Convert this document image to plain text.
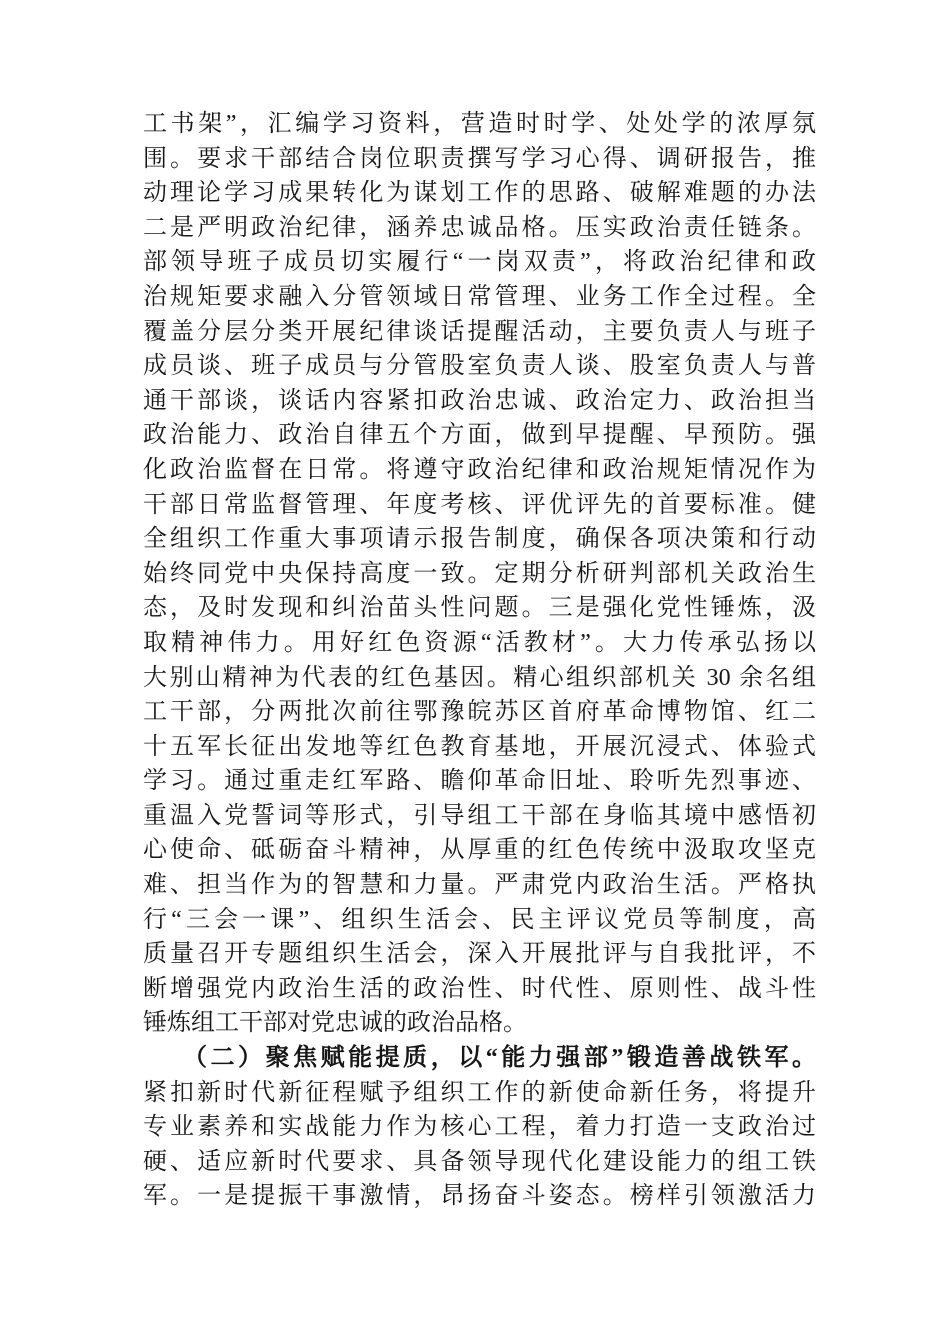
工书架”，汇编学习资料，营造时时学、处处学的浓厚氛
围。要求干部结合岗位职责撰写学习心得、调研报告，推
动理论学习成果转化为谋划工作的思路、破解难题的办法
二是严明政治纪律，涵养忠诚品格。压实政治责任链条。
部领导班子成员切实履行“一岗双责”，将政治纪律和政
治规矩要求融入分管领域日常管理、业务工作全过程。全
覆盖分层分类开展纪律谈话提醒活动，主要负责人与班子
成员谈、班子成员与分管股室负责人谈、股室负责人与普
通干部谈，谈话内容紧扣政治忠诚、政治定力、政治担当
政治能力、政治自律五个方面，做到早提醒、早预防。强
化政治监督在日常。将遵守政治纪律和政治规矩情况作为
干部日常监督管理、年度考核、评优评先的首要标准。健
全组织工作重大事项请示报告制度，确保各项决策和行动
始终同党中央保持高度一致。定期分析研判部机关政治生
态，及时发现和纠治苗头性问题。三是强化党性锤炼，汲
取精神伟力。用好红色资源“活教材”。大力传承弘扬以
大别山精神为代表的红色基因。精心组织部机关 30 余名组
工干部，分两批次前往鄂豫皖苏区首府革命博物馆、红二
十五军长征出发地等红色教育基地，开展沉浸式、体验式
学习。通过重走红军路、瞻仰革命旧址、聆听先烈事迹、
重温入党誓词等形式，引导组工干部在身临其境中感悟初
心使命、砥砺奋斗精神，从厚重的红色传统中汲取攻坚克
难、担当作为的智慧和力量。严肃党内政治生活。严格执
行“三会一课”、组织生活会、民主评议党员等制度，高
质量召开专题组织生活会，深入开展批评与自我批评，不
断增强党内政治生活的政治性、时代性、原则性、战斗性
锤炼组工干部对党忠诚的政治品格。
（二）聚焦赋能提质，以“能力强部”锻造善战铁军。
紧扣新时代新征程赋予组织工作的新使命新任务，将提升
专业素养和实战能力作为核心工程，着力打造一支政治过
硬、适应新时代要求、具备领导现代化建设能力的组工铁
军。一是提振干事激情，昂扬奋斗姿态。榜样引领激活力
